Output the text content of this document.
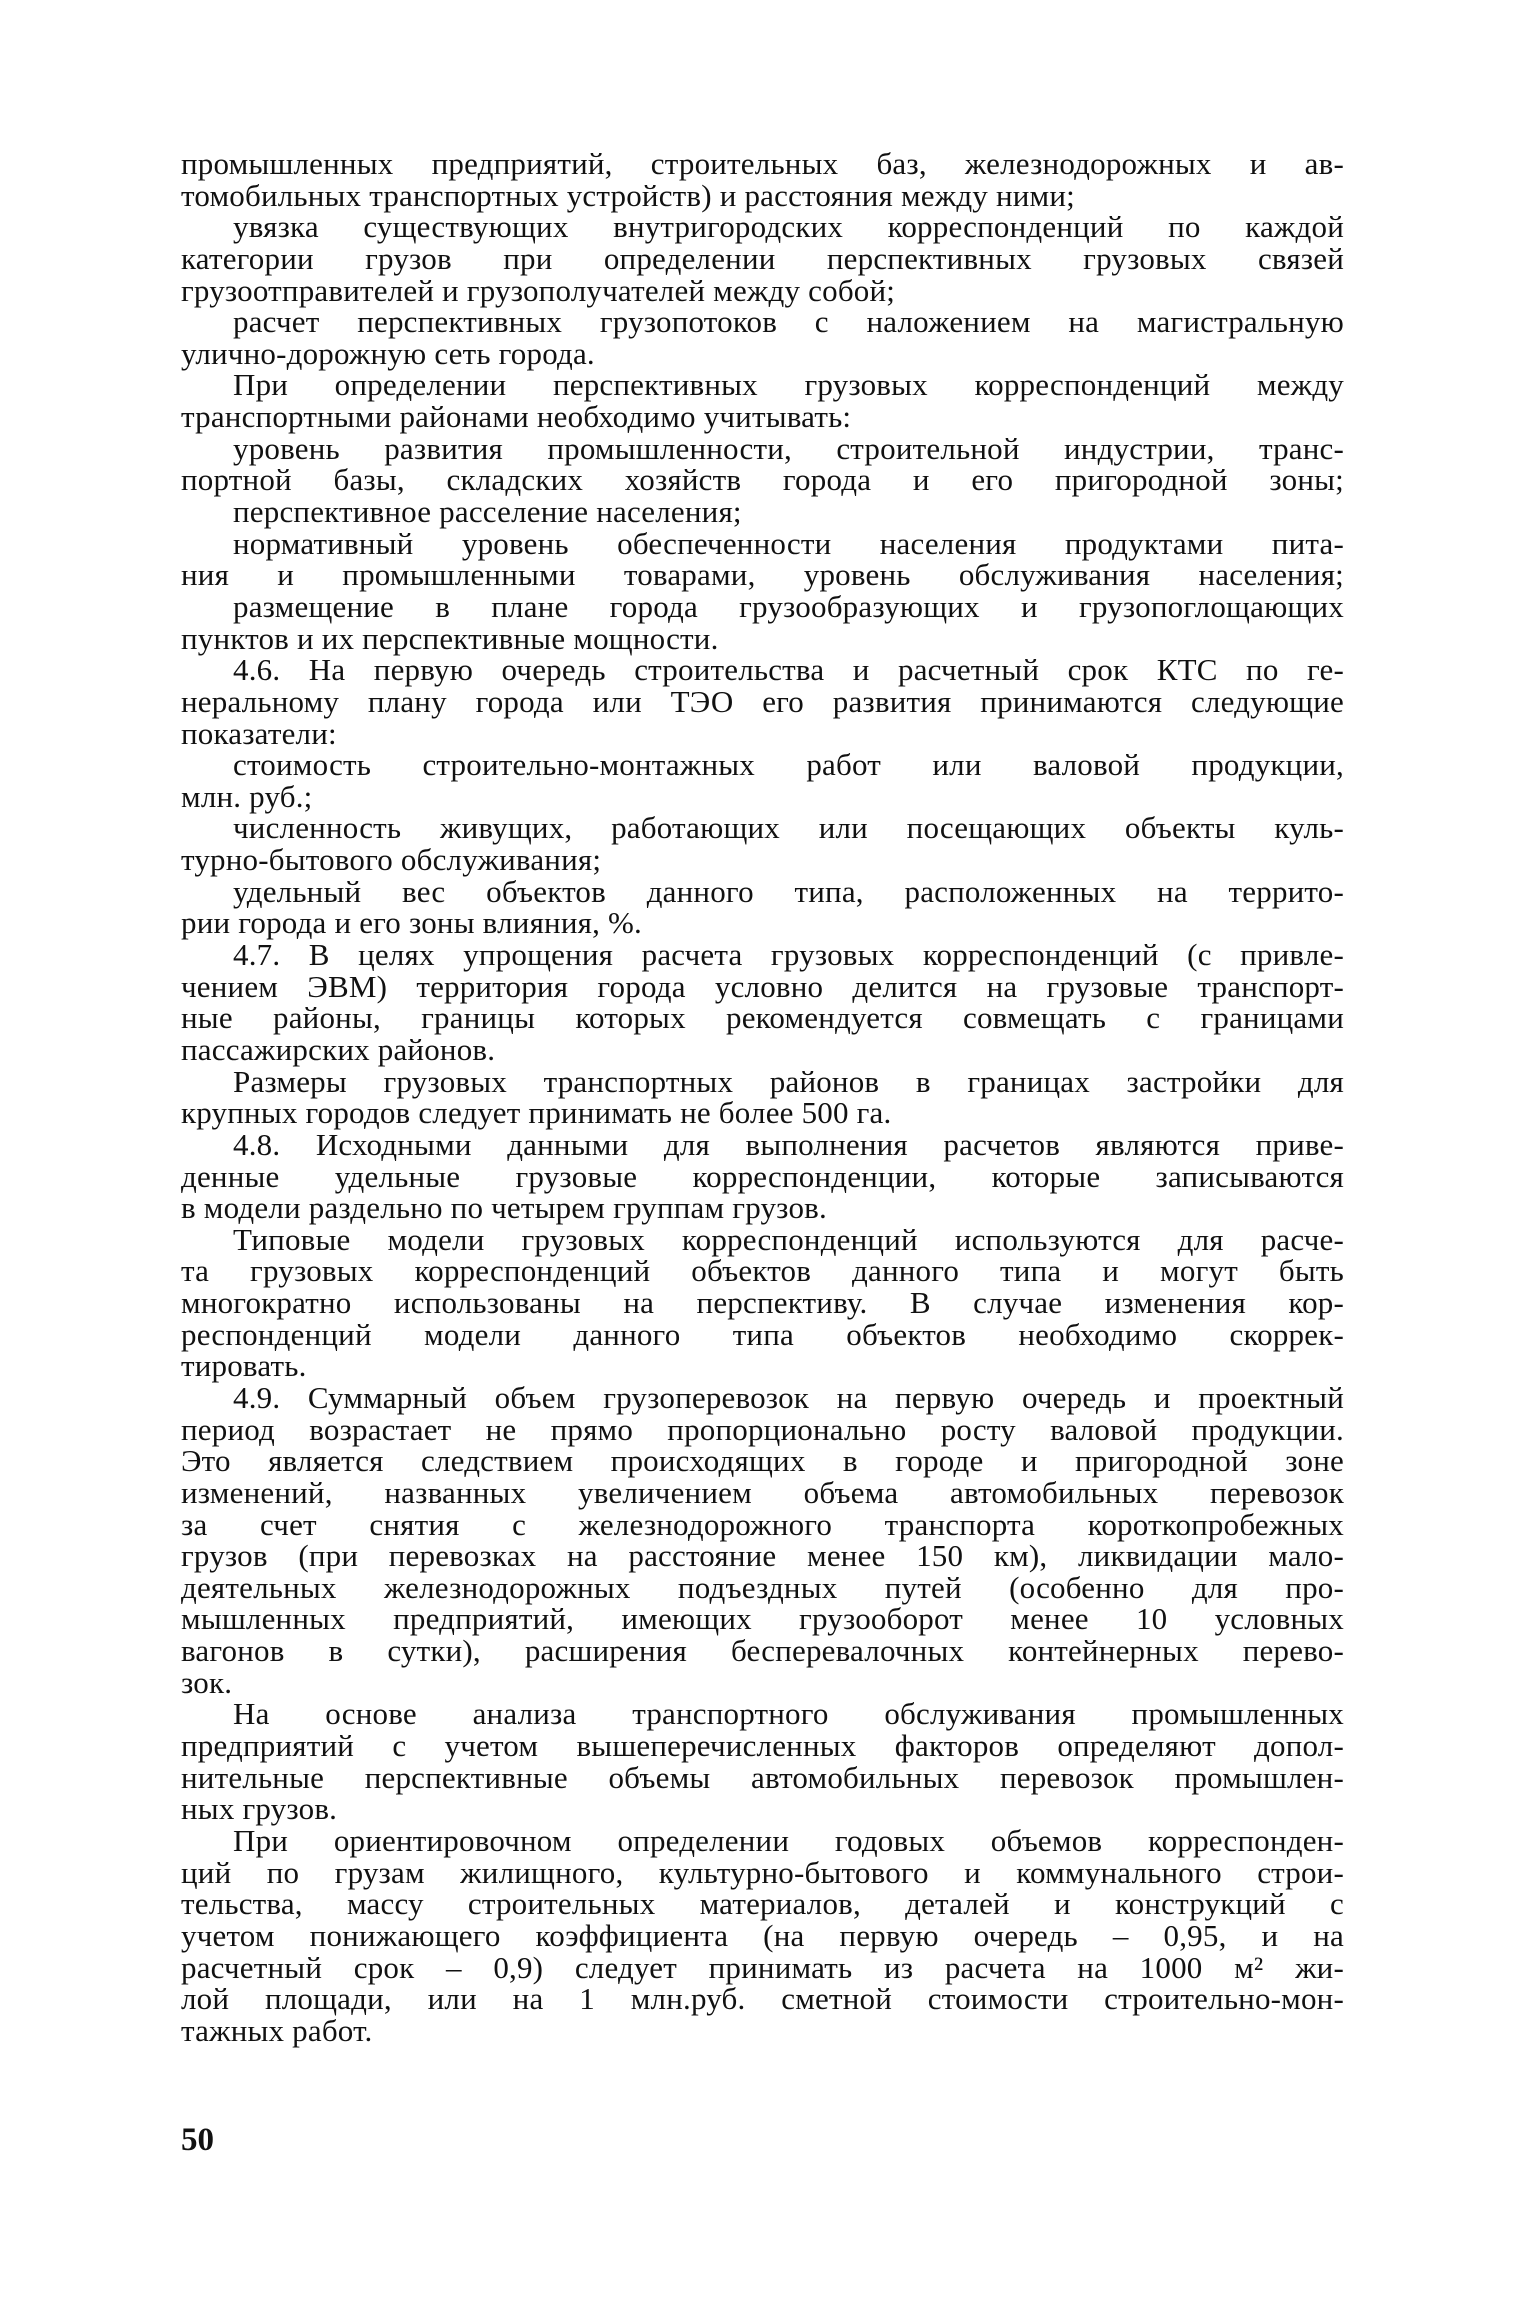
промышленных предприятий, строительных баз, железнодорожных и ав-
томобильных транспортных устройств) и расстояния между ними;
увязка существующих внутригородских корреспонденций по каждой
категории грузов при определении перспективных грузовых связей
грузоотправителей и грузополучателей между собой;
расчет перспективных грузопотоков с наложением на магистральную
улично-дорожную сеть города.
При определении перспективных грузовых корреспонденций между
транспортными районами необходимо учитывать:
уровень развития промышленности, строительной индустрии, транс-
портной базы, складских хозяйств города и его пригородной зоны;
перспективное расселение населения;
нормативный уровень обеспеченности населения продуктами пита-
ния и промышленными товарами, уровень обслуживания населения;
размещение в плане города грузообразующих и грузопоглощающих
пунктов и их перспективные мощности.
4.6. На первую очередь строительства и расчетный срок КТС по ге-
неральному плану города или ТЭО его развития принимаются следующие
показатели:
стоимость строительно-монтажных работ или валовой продукции,
млн. руб.;
численность живущих, работающих или посещающих объекты куль-
турно-бытового обслуживания;
удельный вес объектов данного типа, расположенных на террито-
рии города и его зоны влияния, %.
4.7. В целях упрощения расчета грузовых корреспонденций (с привле-
чением ЭВМ) территория города условно делится на грузовые транспорт-
ные районы, границы которых рекомендуется совмещать с границами
пассажирских районов.
Размеры грузовых транспортных районов в границах застройки для
крупных городов следует принимать не более 500 га.
4.8. Исходными данными для выполнения расчетов являются приве-
денные удельные грузовые корреспонденции, которые записываются
в модели раздельно по четырем группам грузов.
Типовые модели грузовых корреспонденций используются для расче-
та грузовых корреспонденций объектов данного типа и могут быть
многократно использованы на перспективу. В случае изменения кор-
респонденций модели данного типа объектов необходимо скоррек-
тировать.
4.9. Суммарный объем грузоперевозок на первую очередь и проектный
период возрастает не прямо пропорционально росту валовой продукции.
Это является следствием происходящих в городе и пригородной зоне
изменений, названных увеличением объема автомобильных перевозок
за счет снятия с железнодорожного транспорта короткопробежных
грузов (при перевозках на расстояние менее 150 км), ликвидации мало-
деятельных железнодорожных подъездных путей (особенно для про-
мышленных предприятий, имеющих грузооборот менее 10 условных
вагонов в сутки), расширения бесперевалочных контейнерных перево-
зок.
На основе анализа транспортного обслуживания промышленных
предприятий с учетом вышеперечисленных факторов определяют допол-
нительные перспективные объемы автомобильных перевозок промышлен-
ных грузов.
При ориентировочном определении годовых объемов корреспонден-
ций по грузам жилищного, культурно-бытового и коммунального строи-
тельства, массу строительных материалов, деталей и конструкций с
учетом понижающего коэффициента (на первую очередь – 0,95, и на
расчетный срок – 0,9) следует принимать из расчета на 1000 м² жи-
лой площади, или на 1 млн.руб. сметной стоимости строительно-мон-
тажных работ.
50
